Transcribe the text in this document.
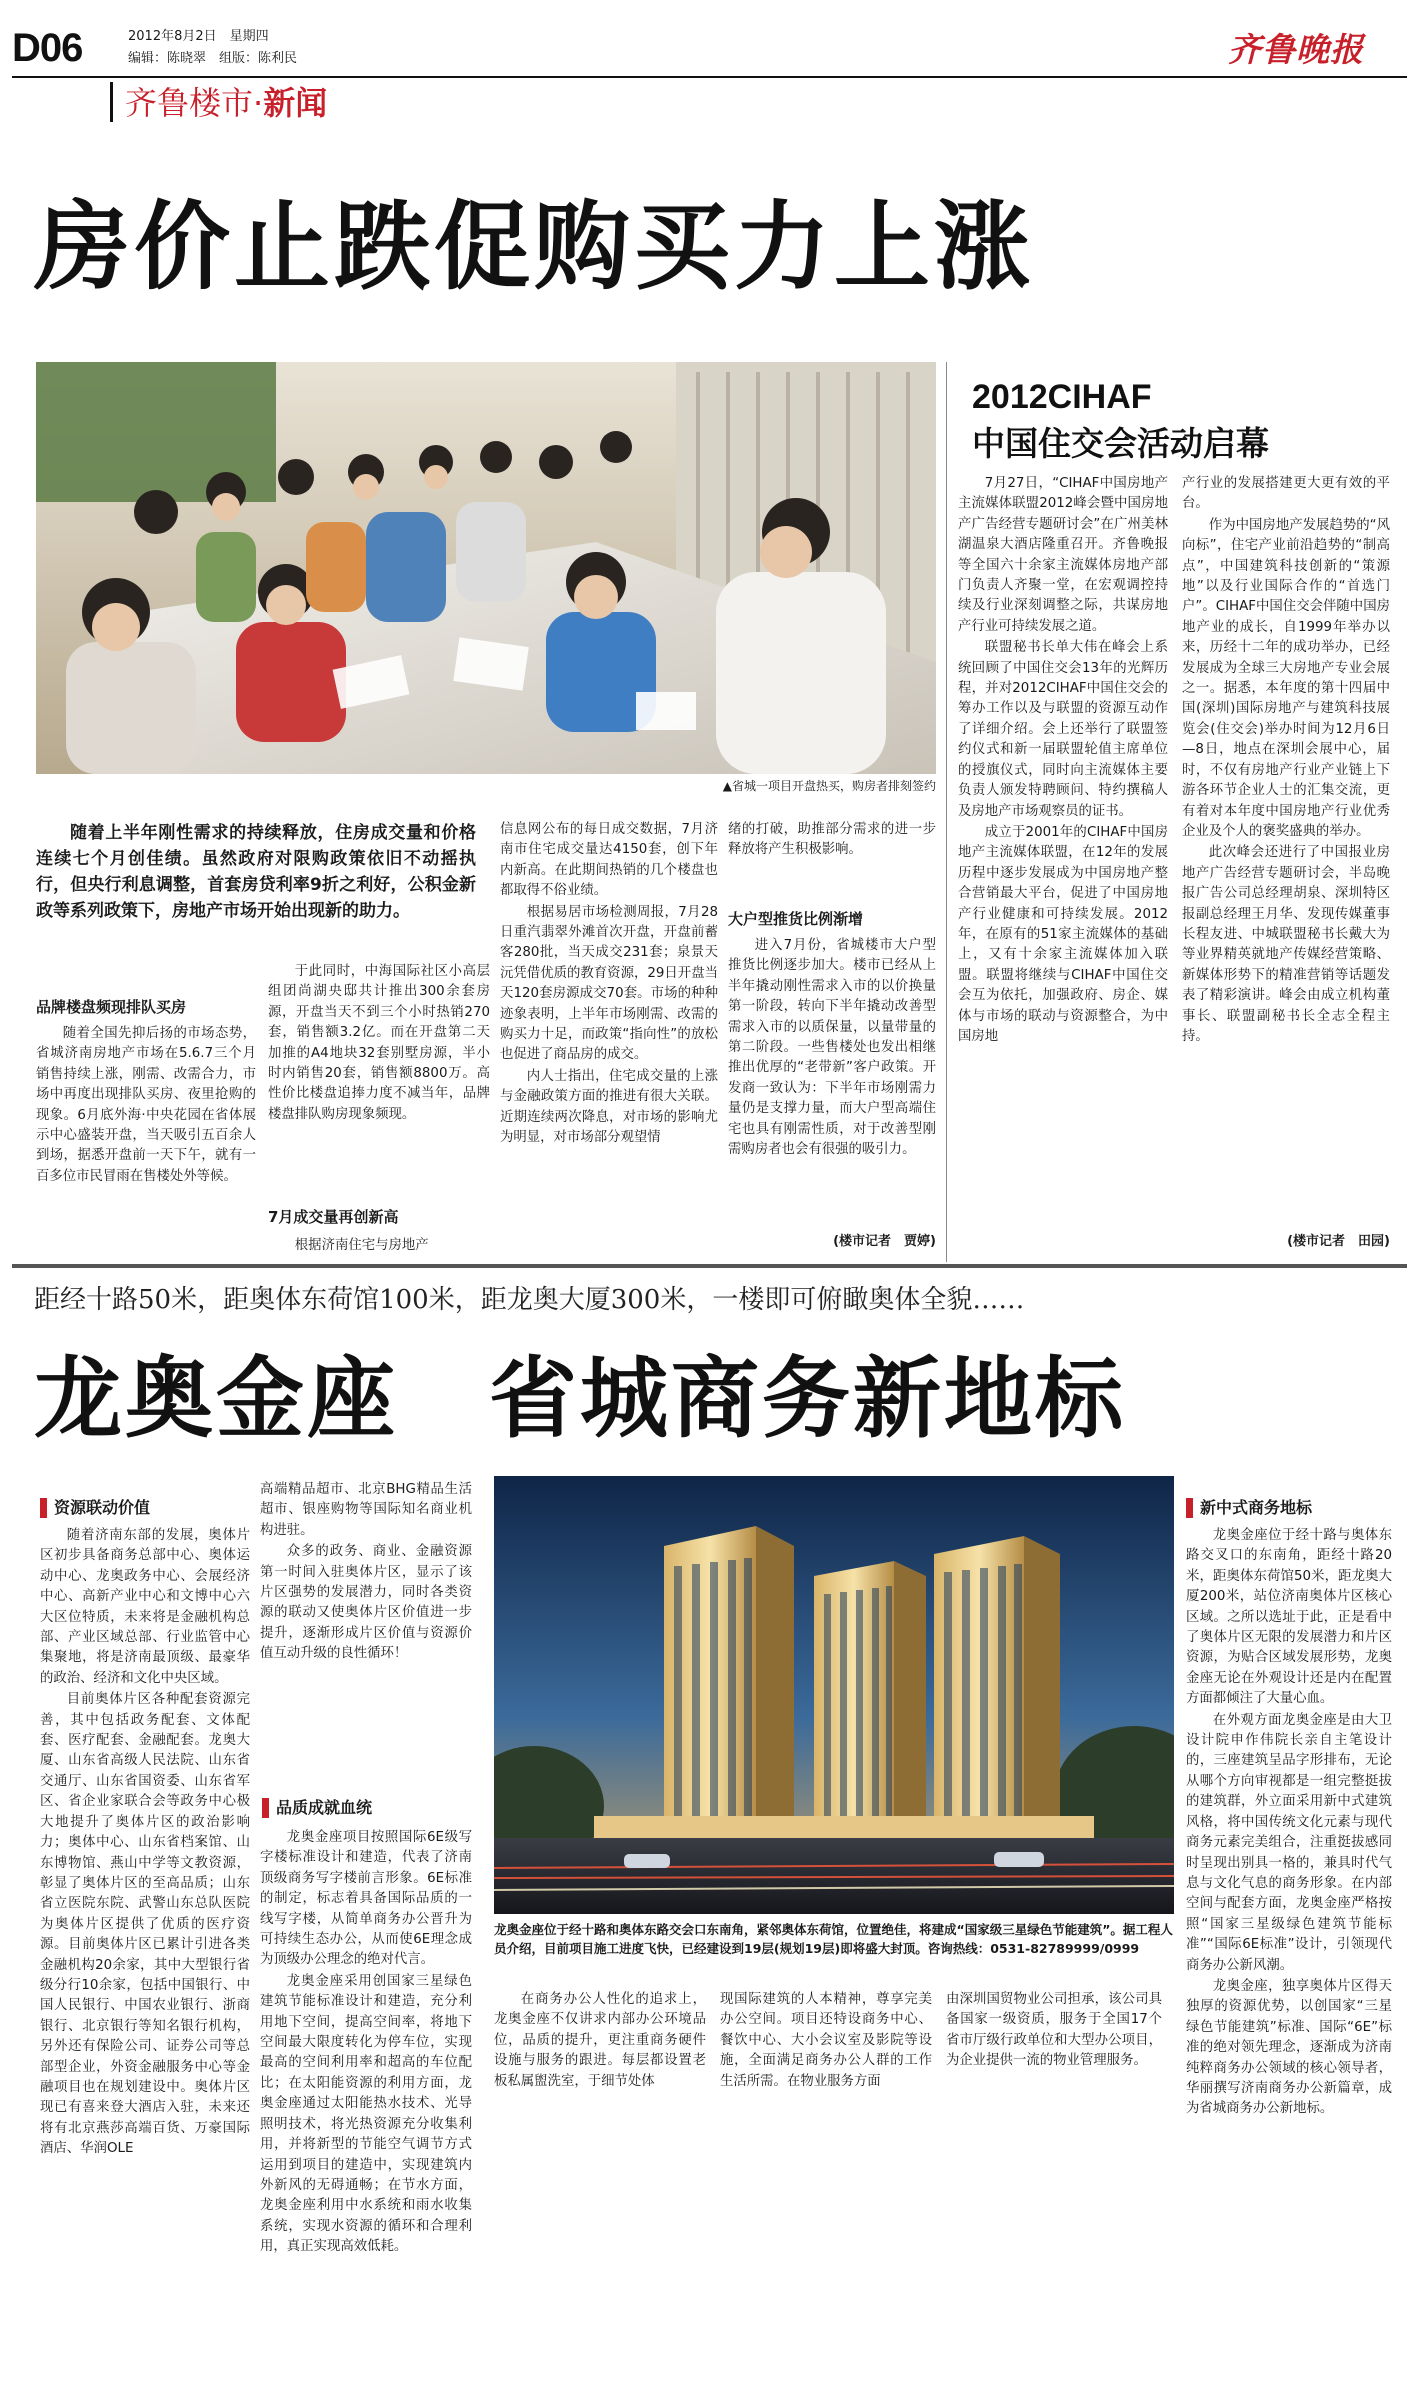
D06	2012年8月2日　星期四
编辑：陈晓翠　组版：陈利民
齐鲁楼市·新闻
齐鲁晚报
房价止跌促购买力上涨
▲省城一项目开盘热买，购房者排刻签约

随着上半年刚性需求的持续释放，住房成交量和价格连续七个月创佳绩。虽然政府对限购政策依旧不动摇执行，但央行利息调整，首套房贷利率9折之利好，公积金新政等系列政策下，房地产市场开始出现新的助力。

品牌楼盘频现排队买房

随着全国先抑后扬的市场态势，省城济南房地产市场在5.6.7三个月销售持续上涨，刚需、改需合力，市场中再度出现排队买房、夜里抢购的现象。6月底外海·中央花园在省体展示中心盛装开盘，当天吸引五百余人到场，据悉开盘前一天下午，就有一百多位市民冒雨在售楼处外等候。

于此同时，中海国际社区小高层组团尚湖央邸共计推出300余套房源，开盘当天不到三个小时热销270套，销售额3.2亿。而在开盘第二天加推的A4地块32套别墅房源，半小时内销售20套，销售额8800万。高性价比楼盘追捧力度不减当年，品牌楼盘排队购房现象频现。

7月成交量再创新高

根据济南住宅与房地产

信息网公布的每日成交数据，7月济南市住宅成交量达4150套，创下年内新高。在此期间热销的几个楼盘也都取得不俗业绩。

根据易居市场检测周报，7月28日重汽翡翠外滩首次开盘，开盘前蓄客280批，当天成交231套；泉景天沅凭借优质的教育资源，29日开盘当天120套房源成交70套。市场的种种迹象表明，上半年市场刚需、改需的购买力十足，而政策“指向性”的放松也促进了商品房的成交。

内人士指出，住宅成交量的上涨与金融政策方面的推进有很大关联。近期连续两次降息，对市场的影响尤为明显，对市场部分观望情

绪的打破，助推部分需求的进一步释放将产生积极影响。

大户型推货比例渐增

进入7月份，省城楼市大户型推货比例逐步加大。楼市已经从上半年撬动刚性需求入市的以价换量第一阶段，转向下半年撬动改善型需求入市的以质保量，以量带量的第二阶段。一些售楼处也发出相继推出优厚的“老带新”客户政策。开发商一致认为：下半年市场刚需力量仍是支撑力量，而大户型高端住宅也具有刚需性质，对于改善型刚需购房者也会有很强的吸引力。

(楼市记者　贾婷)
2012CIHAF
中国住交会活动启幕

7月27日，“CIHAF中国房地产主流媒体联盟2012峰会暨中国房地产广告经营专题研讨会”在广州美林湖温泉大酒店隆重召开。齐鲁晚报等全国六十余家主流媒体房地产部门负责人齐聚一堂，在宏观调控持续及行业深刻调整之际，共谋房地产行业可持续发展之道。

联盟秘书长单大伟在峰会上系统回顾了中国住交会13年的光辉历程，并对2012CIHAF中国住交会的筹办工作以及与联盟的资源互动作了详细介绍。会上还举行了联盟签约仪式和新一届联盟轮值主席单位的授旗仪式，同时向主流媒体主要负责人颁发特聘顾问、特约撰稿人及房地产市场观察员的证书。

成立于2001年的CIHAF中国房地产主流媒体联盟，在12年的发展历程中逐步发展成为中国房地产整合营销最大平台，促进了中国房地产行业健康和可持续发展。2012年，在原有的51家主流媒体的基础上，又有十余家主流媒体加入联盟。联盟将继续与CIHAF中国住交会互为依托，加强政府、房企、媒体与市场的联动与资源整合，为中国房地

产行业的发展搭建更大更有效的平台。

作为中国房地产发展趋势的“风向标”，住宅产业前沿趋势的“制高点”，中国建筑科技创新的“策源地”以及行业国际合作的“首选门户”。CIHAF中国住交会伴随中国房地产业的成长，自1999年举办以来，历经十二年的成功举办，已经发展成为全球三大房地产专业会展之一。据悉，本年度的第十四届中国(深圳)国际房地产与建筑科技展览会(住交会)举办时间为12月6日—8日，地点在深圳会展中心，届时，不仅有房地产行业产业链上下游各环节企业人士的汇集交流，更有着对本年度中国房地产行业优秀企业及个人的褒奖盛典的举办。

此次峰会还进行了中国报业房地产广告经营专题研讨会，半岛晚报广告公司总经理胡泉、深圳特区报副总经理王月华、发现传媒董事长程友进、中城联盟秘书长戴大为等业界精英就地产传媒经营策略、新媒体形势下的精准营销等话题发表了精彩演讲。峰会由成立机构董事长、联盟副秘书长全志全程主持。

(楼市记者　田园)
距经十路50米，距奥体东荷馆100米，距龙奥大厦300米，一楼即可俯瞰奥体全貌……
龙奥金座　省城商务新地标
资源联动价值

随着济南东部的发展，奥体片区初步具备商务总部中心、奥体运动中心、龙奥政务中心、会展经济中心、高新产业中心和文博中心六大区位特质，未来将是金融机构总部、产业区域总部、行业监管中心集聚地，将是济南最顶级、最豪华的政治、经济和文化中央区域。

目前奥体片区各种配套资源完善，其中包括政务配套、文体配套、医疗配套、金融配套。龙奥大厦、山东省高级人民法院、山东省交通厅、山东省国资委、山东省军区、省企业家联合会等政务中心极大地提升了奥体片区的政治影响力；奥体中心、山东省档案馆、山东博物馆、燕山中学等文教资源，彰显了奥体片区的至高品质；山东省立医院东院、武警山东总队医院为奥体片区提供了优质的医疗资源。目前奥体片区已累计引进各类金融机构20余家，其中大型银行省级分行10余家，包括中国银行、中国人民银行、中国农业银行、浙商银行、北京银行等知名银行机构，另外还有保险公司、证券公司等总部型企业，外资金融服务中心等金融项目也在规划建设中。奥体片区现已有喜来登大酒店入驻，未来还将有北京燕莎高端百货、万豪国际酒店、华润OLE

高端精品超市、北京BHG精品生活超市、银座购物等国际知名商业机构进驻。

众多的政务、商业、金融资源第一时间入驻奥体片区，显示了该片区强势的发展潜力，同时各类资源的联动又使奥体片区价值进一步提升，逐渐形成片区价值与资源价值互动升级的良性循环！

品质成就血统

龙奥金座项目按照国际6E级写字楼标准设计和建造，代表了济南顶级商务写字楼前言形象。6E标准的制定，标志着具备国际品质的一线写字楼，从简单商务办公晋升为可持续生态办公，从而使6E理念成为顶级办公理念的绝对代言。

龙奥金座采用创国家三星绿色建筑节能标准设计和建造，充分利用地下空间，提高空间率，将地下空间最大限度转化为停车位，实现最高的空间利用率和超高的车位配比；在太阳能资源的利用方面，龙奥金座通过太阳能热水技术、光导照明技术，将光热资源充分收集利用，并将新型的节能空气调节方式运用到项目的建造中，实现建筑内外新风的无碍通畅；在节水方面，龙奥金座利用中水系统和雨水收集系统，实现水资源的循环和合理利用，真正实现高效低耗。

龙奥金座位于经十路和奥体东路交会口东南角，紧邻奥体东荷馆，位置绝佳，将建成“国家级三星绿色节能建筑”。据工程人员介绍，目前项目施工进度飞快，已经建设到19层(规划19层)即将盛大封顶。咨询热线：0531-82789999/0999

在商务办公人性化的追求上，龙奥金座不仅讲求内部办公环境品位，品质的提升，更注重商务硬件设施与服务的跟进。每层都设置老板私属盥洗室，于细节处体

现国际建筑的人本精神，尊享完美办公空间。项目还特设商务中心、餐饮中心、大小会议室及影院等设施，全面满足商务办公人群的工作生活所需。在物业服务方面

由深圳国贸物业公司担承，该公司具备国家一级资质，服务于全国17个省市厅级行政单位和大型办公项目，为企业提供一流的物业管理服务。

新中式商务地标

龙奥金座位于经十路与奥体东路交叉口的东南角，距经十路20米，距奥体东荷馆50米，距龙奥大厦200米，站位济南奥体片区核心区域。之所以选址于此，正是看中了奥体片区无限的发展潜力和片区资源，为贴合区域发展形势，龙奥金座无论在外观设计还是内在配置方面都倾注了大量心血。

在外观方面龙奥金座是由大卫设计院申作伟院长亲自主笔设计的，三座建筑呈品字形排布，无论从哪个方向审视都是一组完整挺拔的建筑群，外立面采用新中式建筑风格，将中国传统文化元素与现代商务元素完美组合，注重挺拔感同时呈现出别具一格的，兼具时代气息与文化气息的商务形象。在内部空间与配套方面，龙奥金座严格按照“国家三星级绿色建筑节能标准”“国际6E标准”设计，引领现代商务办公新风潮。

龙奥金座，独享奥体片区得天独厚的资源优势，以创国家“三星绿色节能建筑”标准、国际“6E”标准的绝对领先理念，逐渐成为济南纯粹商务办公领域的核心领导者，华丽撰写济南商务办公新篇章，成为省城商务办公新地标。
